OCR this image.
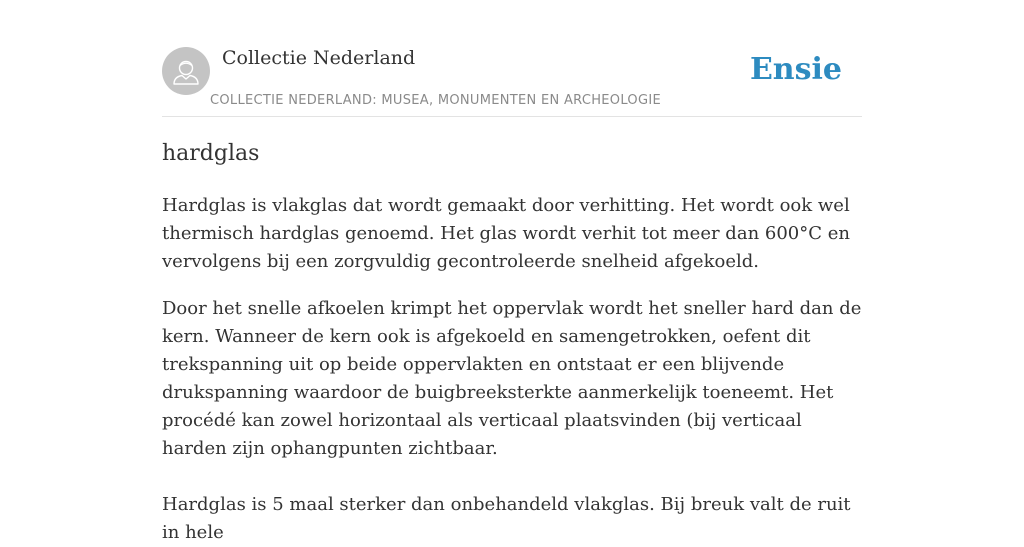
Collectie Nederland
COLLECTIE NEDERLAND: MUSEA, MONUMENTEN EN ARCHEOLOGIE
Ensie
hardglas

Hardglas is vlakglas dat wordt gemaakt door verhitting. Het wordt ook wel thermisch hardglas genoemd. Het glas wordt verhit tot meer dan 600°C en vervolgens bij een zorgvuldig gecontroleerde snelheid afgekoeld.

Door het snelle afkoelen krimpt het oppervlak wordt het sneller hard dan de kern. Wanneer de kern ook is afgekoeld en samengetrokken, oefent dit trekspanning uit op beide oppervlakten en ontstaat er een blijvende drukspanning waardoor de buigbreeksterkte aanmerkelijk toeneemt. Het procédé kan zowel horizontaal als verticaal plaatsvinden (bij verticaal harden zijn ophangpunten zichtbaar.

Hardglas is 5 maal sterker dan onbehandeld vlakglas. Bij breuk valt de ruit in hele
